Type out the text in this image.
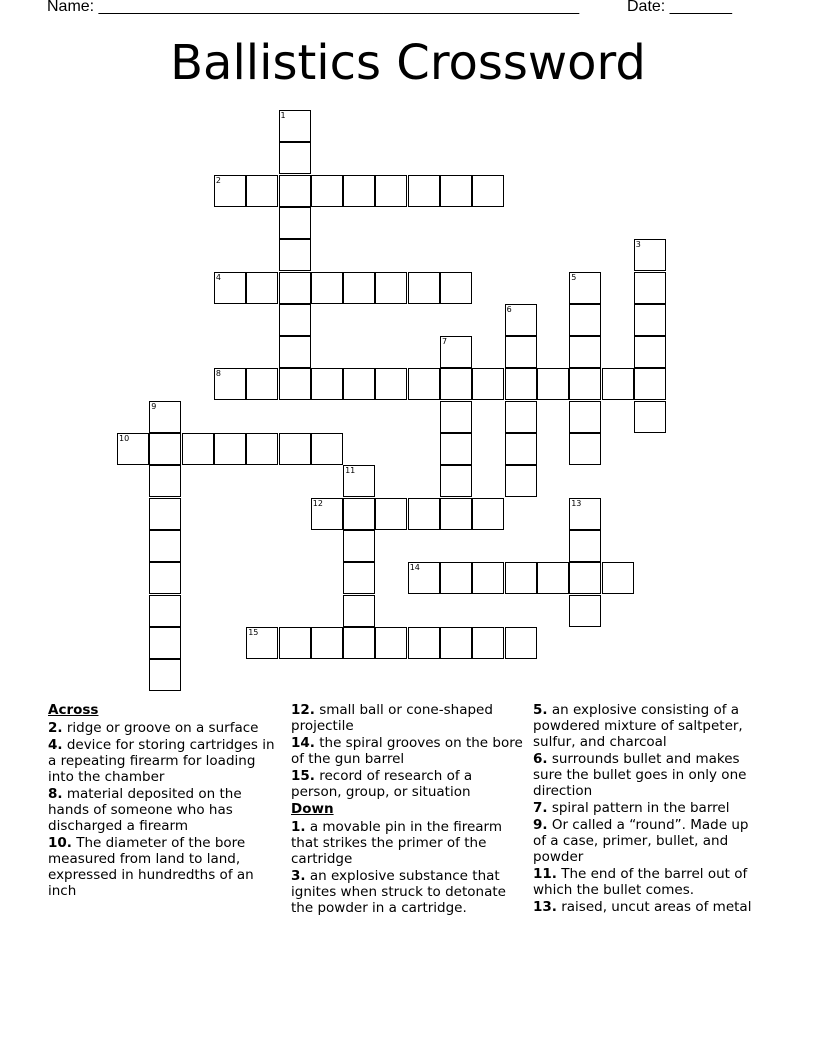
Name: ______________________________________________________	Date: _______
Ballistics Crossword
1
2
3
4	5
6
7
8
9
10
11
12	13
14
15
Across
2. ridge or groove on a surface
4. device for storing cartridges in a repeating firearm for loading into the chamber
8. material deposited on the hands of someone who has discharged a firearm
10. The diameter of the bore measured from land to land, expressed in hundredths of an inch
12. small ball or cone-shaped projectile
14. the spiral grooves on the bore of the gun barrel
15. record of research of a person, group, or situation
Down
1. a movable pin in the firearm that strikes the primer of the cartridge
3. an explosive substance that ignites when struck to detonate the powder in a cartridge.
5. an explosive consisting of a powdered mixture of saltpeter, sulfur, and charcoal
6. surrounds bullet and makes sure the bullet goes in only one direction
7. spiral pattern in the barrel
9. Or called a “round”. Made up of a case, primer, bullet, and powder
11. The end of the barrel out of which the bullet comes.
13. raised, uncut areas of metal
